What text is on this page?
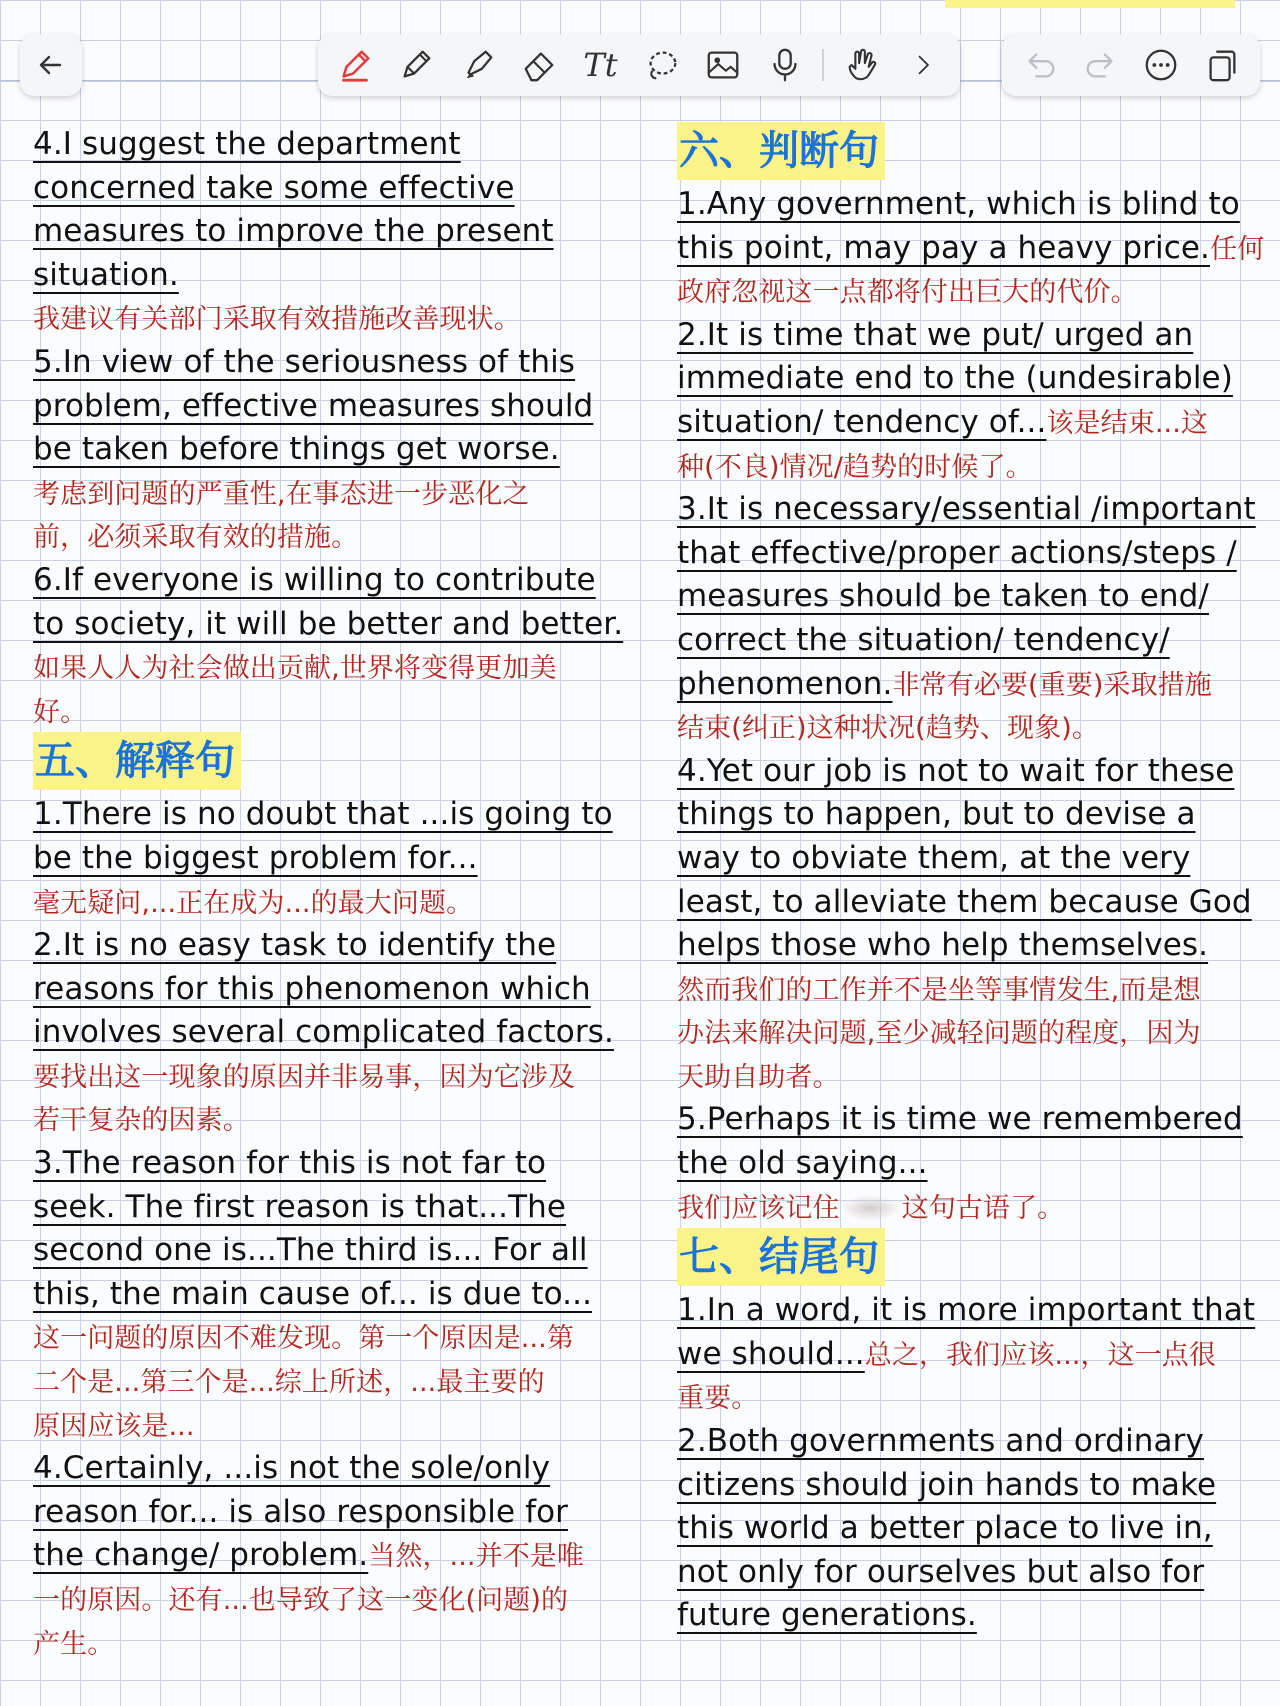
Tt
4.I suggest the department
concerned take some effective
measures to improve the present
situation.
我建议有关部门采取有效措施改善现状。
5.In view of the seriousness of this
problem, effective measures should
be taken before things get worse.
考虑到问题的严重性,在事态进一步恶化之
前，必须采取有效的措施。
6.If everyone is willing to contribute
to society, it will be better and better.
如果人人为社会做出贡献,世界将变得更加美
好。
五、解释句
1.There is no doubt that ...is going to
be the biggest problem for...
毫无疑问,...正在成为...的最大问题。
2.It is no easy task to identify the
reasons for this phenomenon which
involves several complicated factors.
要找出这一现象的原因并非易事，因为它涉及
若干复杂的因素。
3.The reason for this is not far to
seek. The first reason is that...The
second one is...The third is... For all
this, the main cause of... is due to...
这一问题的原因不难发现。第一个原因是...第
二个是...第三个是...综上所述，...最主要的
原因应该是...
4.Certainly, ...is not the sole/only
reason for... is also responsible for
the change/ problem.当然，...并不是唯
一的原因。还有...也导致了这一变化(问题)的
产生。
六、判断句
1.Any government, which is blind to
this point, may pay a heavy price.任何
政府忽视这一点都将付出巨大的代价。
2.It is time that we put/ urged an
immediate end to the (undesirable)
situation/ tendency of...该是结束...这
种(不良)情况/趋势的时候了。
3.It is necessary/essential /important
that effective/proper actions/steps /
measures should be taken to end/
correct the situation/ tendency/
phenomenon.非常有必要(重要)采取措施
结束(纠正)这种状况(趋势、现象)。
4.Yet our job is not to wait for these
things to happen, but to devise a
way to obviate them, at the very
least, to alleviate them because God
helps those who help themselves.
然而我们的工作并不是坐等事情发生,而是想
办法来解决问题,至少减轻问题的程度，因为
天助自助者。
5.Perhaps it is time we remembered
the old saying...
我们应该记住 这句古语了。
七、结尾句
1.In a word, it is more important that
we should...总之，我们应该...，这一点很
重要。
2.Both governments and ordinary
citizens should join hands to make
this world a better place to live in,
not only for ourselves but also for
future generations.
